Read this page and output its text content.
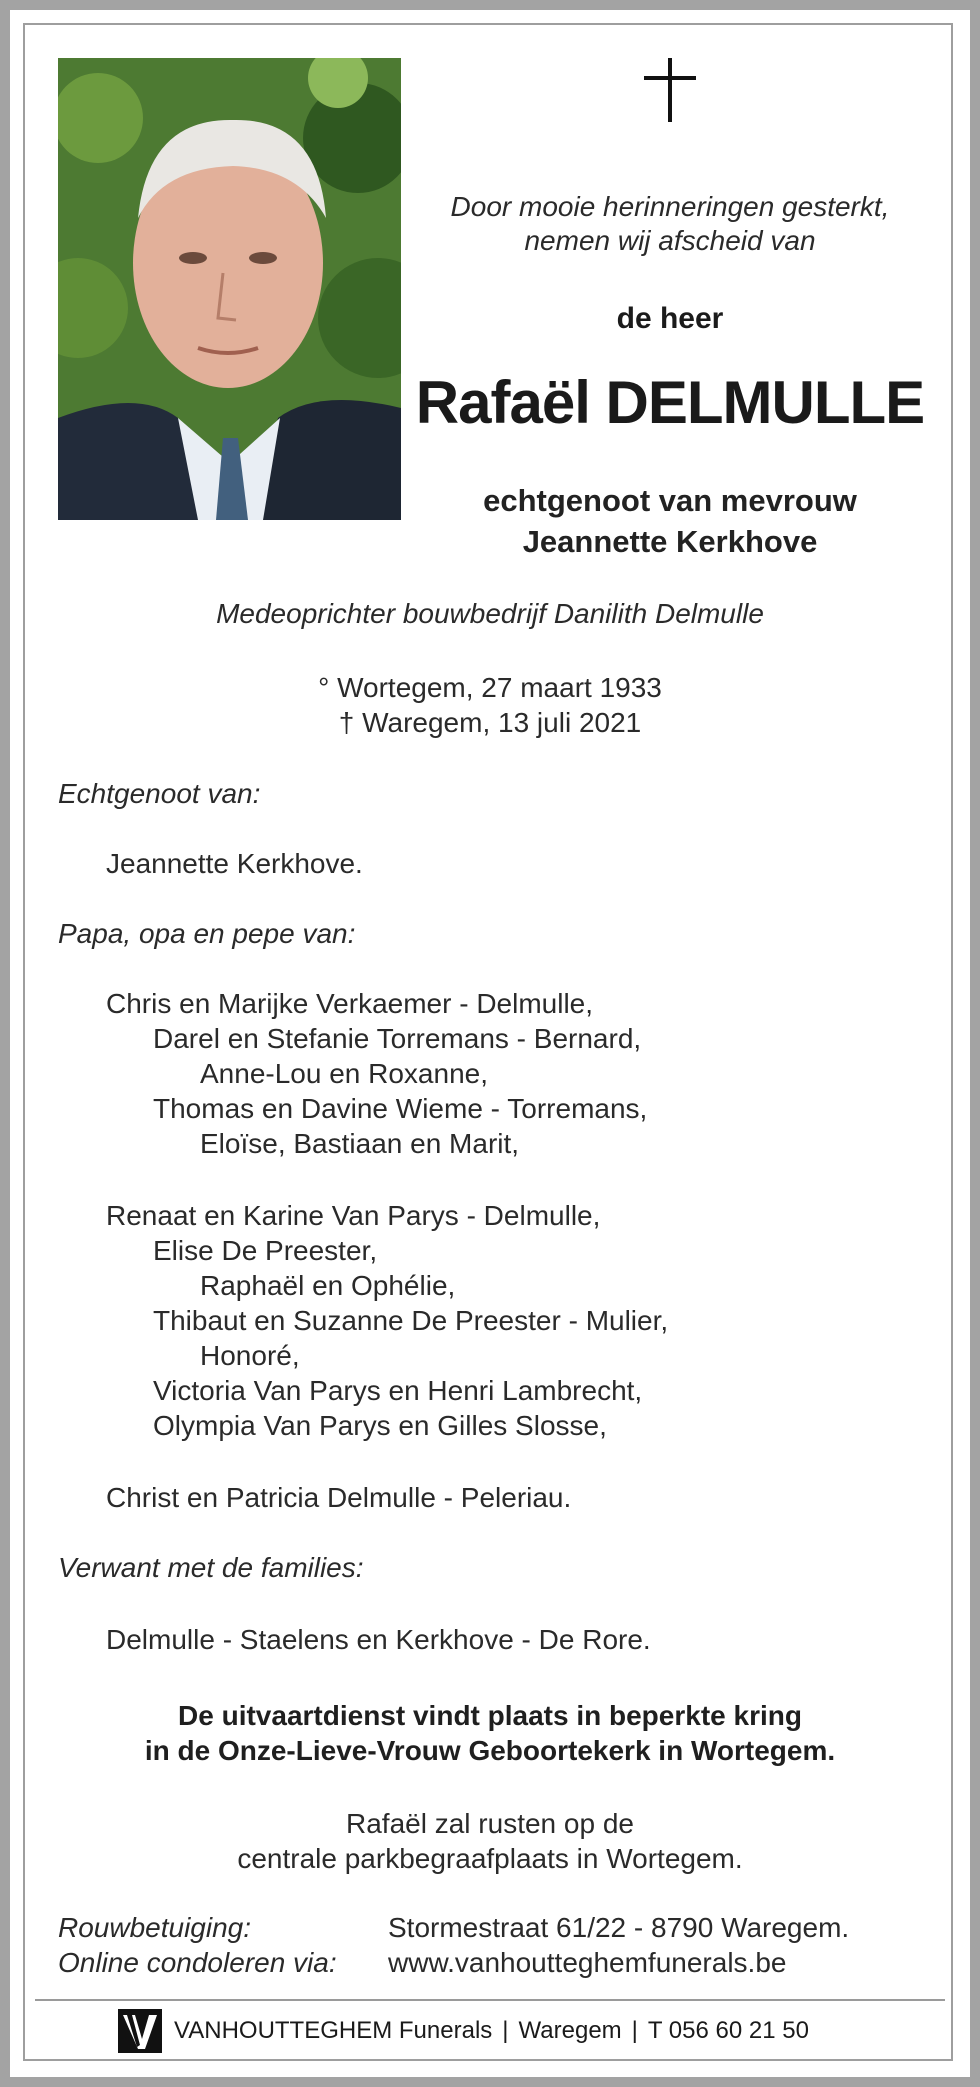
Door mooie herinneringen gesterkt,
nemen wij afscheid van
de heer
Rafaël DELMULLE
echtgenoot van mevrouw
Jeannette Kerkhove
Medeoprichter bouwbedrijf Danilith Delmulle
° Wortegem, 27 maart 1933
† Waregem, 13 juli 2021
Echtgenoot van:
Jeannette Kerkhove.
Papa, opa en pepe van:
Chris en Marijke Verkaemer - Delmulle,
Darel en Stefanie Torremans - Bernard,
Anne-Lou en Roxanne,
Thomas en Davine Wieme - Torremans,
Eloïse, Bastiaan en Marit,
Renaat en Karine Van Parys - Delmulle,
Elise De Preester,
Raphaël en Ophélie,
Thibaut en Suzanne De Preester - Mulier,
Honoré,
Victoria Van Parys en Henri Lambrecht,
Olympia Van Parys en Gilles Slosse,
Christ en Patricia Delmulle - Peleriau.
Verwant met de families:
Delmulle - Staelens en Kerkhove - De Rore.
De uitvaartdienst vindt plaats in beperkte kring
in de Onze-Lieve-Vrouw Geboortekerk in Wortegem.
Rafaël zal rusten op de
centrale parkbegraafplaats in Wortegem.
Rouwbetuiging:	Stormestraat 61/22 - 8790 Waregem.
Online condoleren via: www.vanhoutteghemfunerals.be
VANHOUTTEGHEM Funerals | Waregem | T 056 60 21 50
